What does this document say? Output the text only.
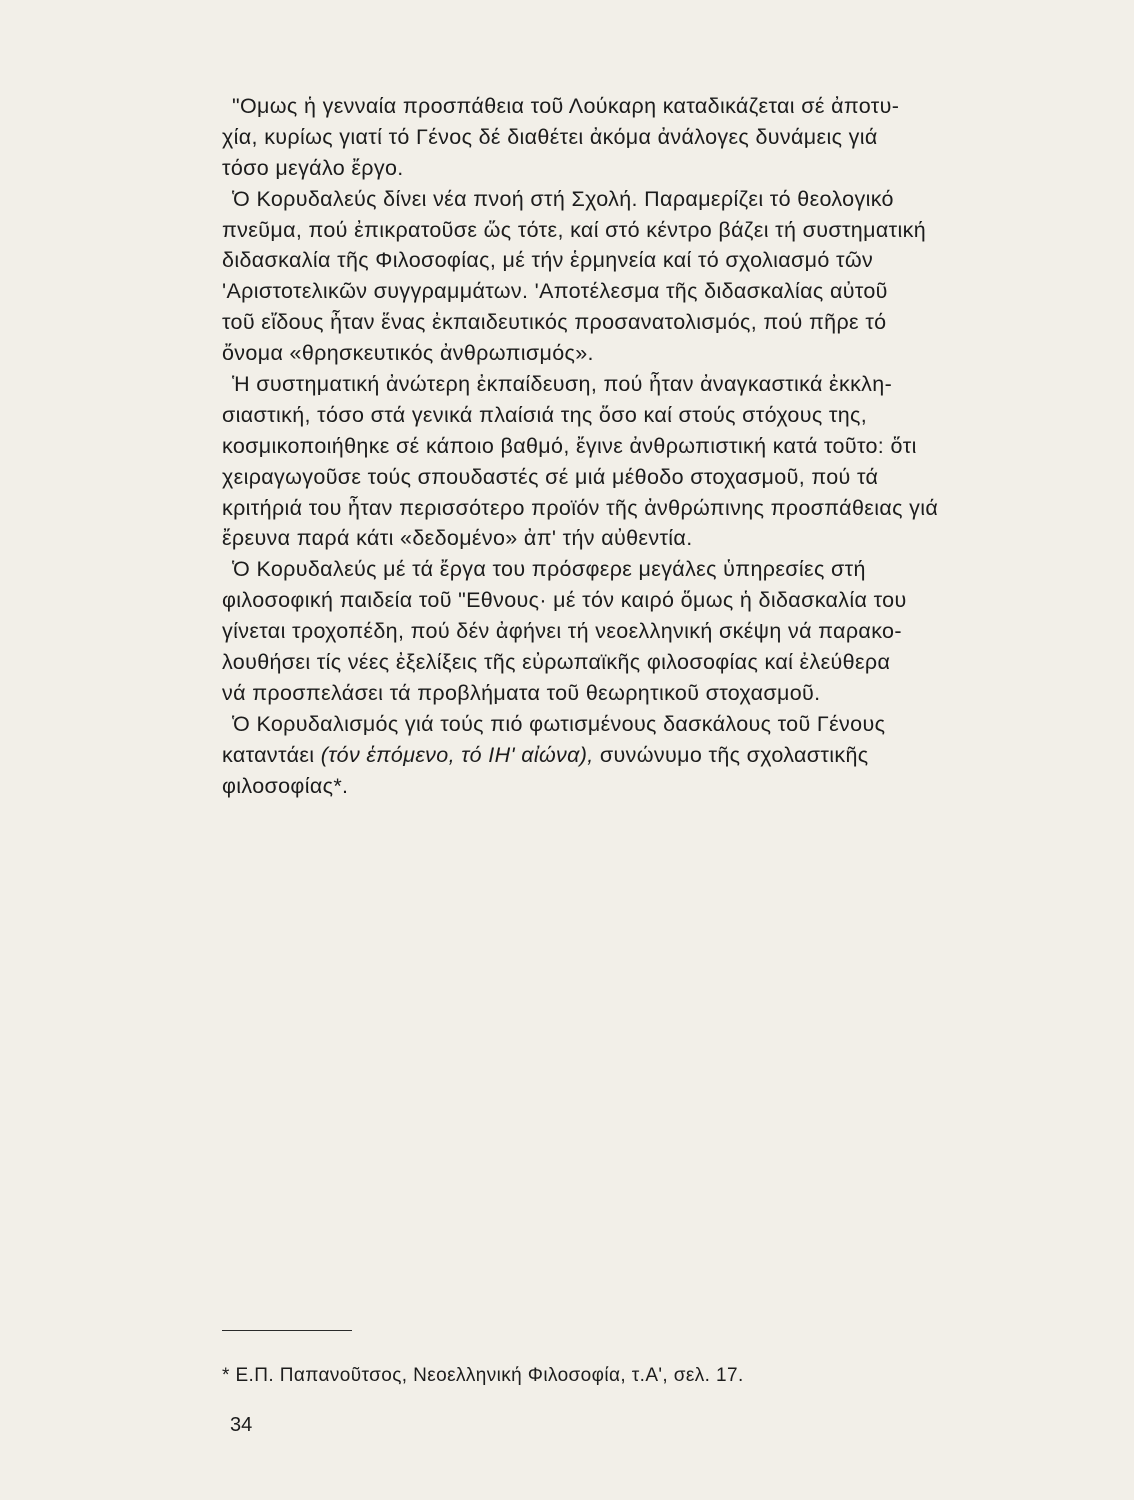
"Ομως ἡ γενναία προσπάθεια τοῦ Λούκαρη καταδικάζεται σέ ἀποτυ-
χία, κυρίως γιατί τό Γένος δέ διαθέτει ἀκόμα ἀνάλογες δυνάμεις γιά
τόσο μεγάλο ἔργο.
Ὁ Κορυδαλεύς δίνει νέα πνοή στή Σχολή. Παραμερίζει τό θεολογικό
πνεῦμα, πού ἐπικρατοῦσε ὥς τότε, καί στό κέντρο βάζει τή συστηματική
διδασκαλία τῆς Φιλοσοφίας, μέ τήν ἑρμηνεία καί τό σχολιασμό τῶν
'Αριστοτελικῶν συγγραμμάτων. 'Αποτέλεσμα τῆς διδασκαλίας αὐτοῦ
τοῦ εἴδους ἦταν ἕνας ἐκπαιδευτικός προσανατολισμός, πού πῆρε τό
ὄνομα «θρησκευτικός ἀνθρωπισμός».
Ἡ συστηματική ἀνώτερη ἐκπαίδευση, πού ἦταν ἀναγκαστικά ἐκκλη-
σιαστική, τόσο στά γενικά πλαίσιά της ὅσο καί στούς στόχους της,
κοσμικοποιήθηκε σέ κάποιο βαθμό, ἔγινε ἀνθρωπιστική κατά τοῦτο: ὅτι
χειραγωγοῦσε τούς σπουδαστές σέ μιά μέθοδο στοχασμοῦ, πού τά
κριτήριά του ἦταν περισσότερο προϊόν τῆς ἀνθρώπινης προσπάθειας γιά
ἔρευνα παρά κάτι «δεδομένο» ἀπ' τήν αὐθεντία.
Ὁ Κορυδαλεύς μέ τά ἔργα του πρόσφερε μεγάλες ὑπηρεσίες στή
φιλοσοφική παιδεία τοῦ "Εθνους· μέ τόν καιρό ὅμως ἡ διδασκαλία του
γίνεται τροχοπέδη, πού δέν ἀφήνει τή νεοελληνική σκέψη νά παρακο-
λουθήσει τίς νέες ἐξελίξεις τῆς εὐρωπαϊκῆς φιλοσοφίας καί ἐλεύθερα
νά προσπελάσει τά προβλήματα τοῦ θεωρητικοῦ στοχασμοῦ.
Ὁ Κορυδαλισμός γιά τούς πιό φωτισμένους δασκάλους τοῦ Γένους
καταντάει (τόν ἑπόμενο, τό ΙΗ' αἰώνα), συνώνυμο τῆς σχολαστικῆς
φιλοσοφίας*.
* Ε.Π. Παπανοῦτσος, Νεοελληνική Φιλοσοφία, τ.Α', σελ. 17.
34
